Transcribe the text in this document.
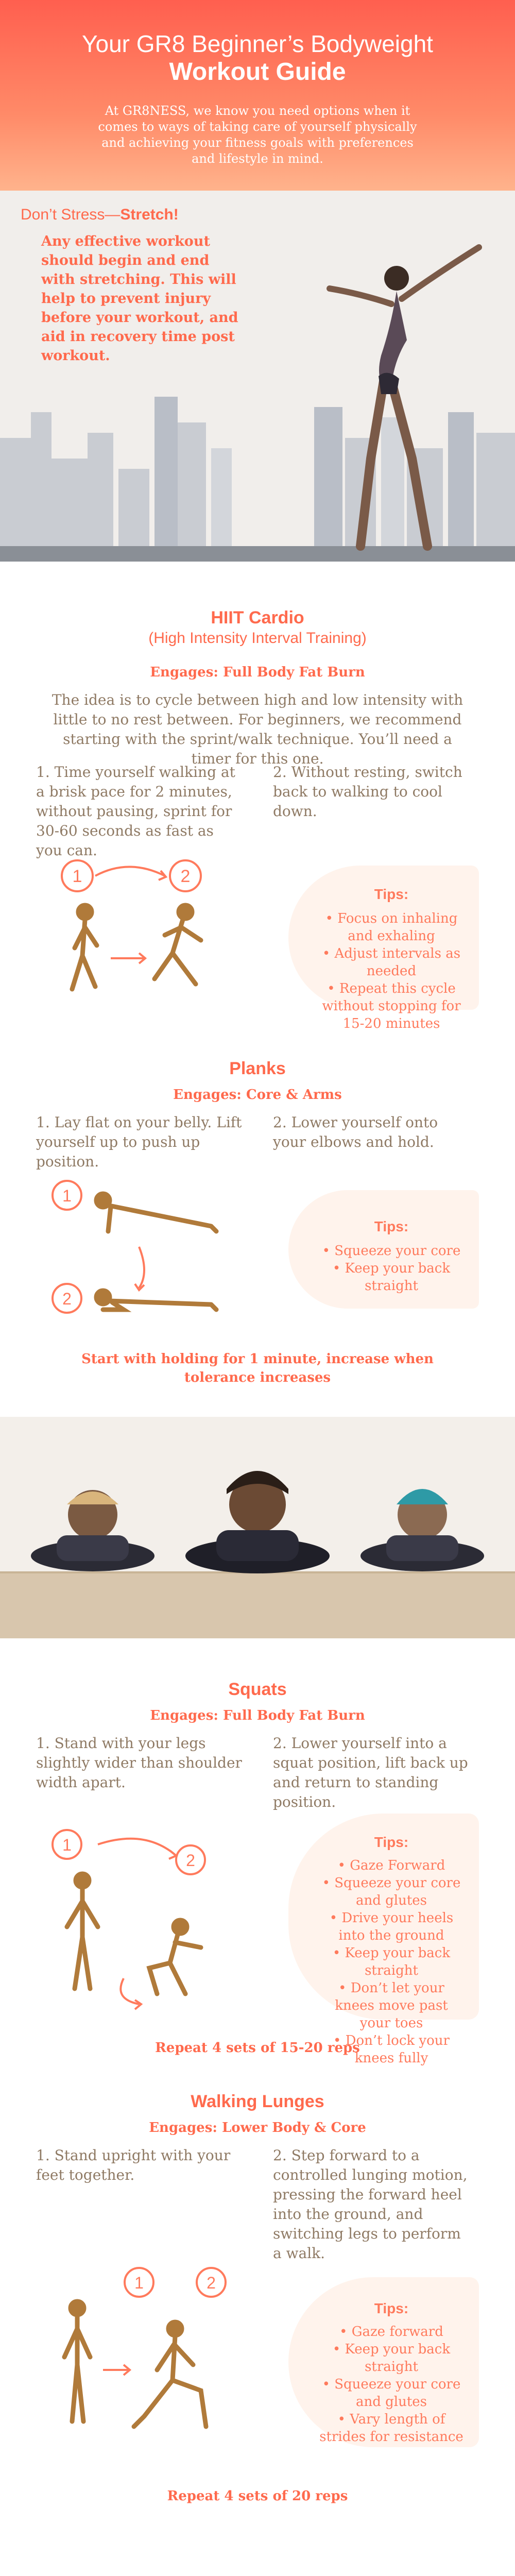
Your GR8 Beginner’s Bodyweight
Workout Guide
At GR8NESS, we know you need options when it comes to ways of taking care of yourself physically and achieving your fitness goals with preferences and lifestyle in mind.
Don’t Stress—Stretch!
Any effective workout should begin and end with stretching. This will help to prevent injury before your workout, and aid in recovery time post workout.
HIIT Cardio
(High Intensity Interval Training)
Engages: Full Body Fat Burn
The idea is to cycle between high and low intensity with little to no rest between. For beginners, we recommend starting with the sprint/walk technique. You’ll need a timer for this one.
1. Time yourself walking at a brisk pace for 2 minutes, without pausing, sprint for 30-60 seconds as fast as you can.
2. Without resting, switch back to walking to cool down.
1	2
Tips:
• Focus on inhaling and exhaling
• Adjust intervals as needed
• Repeat this cycle without stopping for 15-20 minutes
Planks
Engages: Core & Arms
1. Lay flat on your belly. Lift yourself up to push up position.
2. Lower yourself onto your elbows and hold.
1
2
Tips:
• Squeeze your core
• Keep your back straight
Start with holding for 1 minute, increase when tolerance increases
Squats
Engages: Full Body Fat Burn
1. Stand with your legs slightly wider than shoulder width apart.
2. Lower yourself into a squat position, lift back up and return to standing position.
1
2
Tips:
• Gaze Forward
• Squeeze your core and glutes
• Drive your heels into the ground
• Keep your back straight
• Don’t let your knees move past your toes
• Don’t lock your knees fully
Repeat 4 sets of 15-20 reps
Walking Lunges
Engages: Lower Body & Core
1. Stand upright with your feet together.
2. Step forward to a controlled lunging motion, pressing the forward heel into the ground, and switching legs to perform a walk.
1	2
Tips:
• Gaze forward
• Keep your back straight
• Squeeze your core and glutes
• Vary length of strides for resistance
Repeat 4 sets of 20 reps
